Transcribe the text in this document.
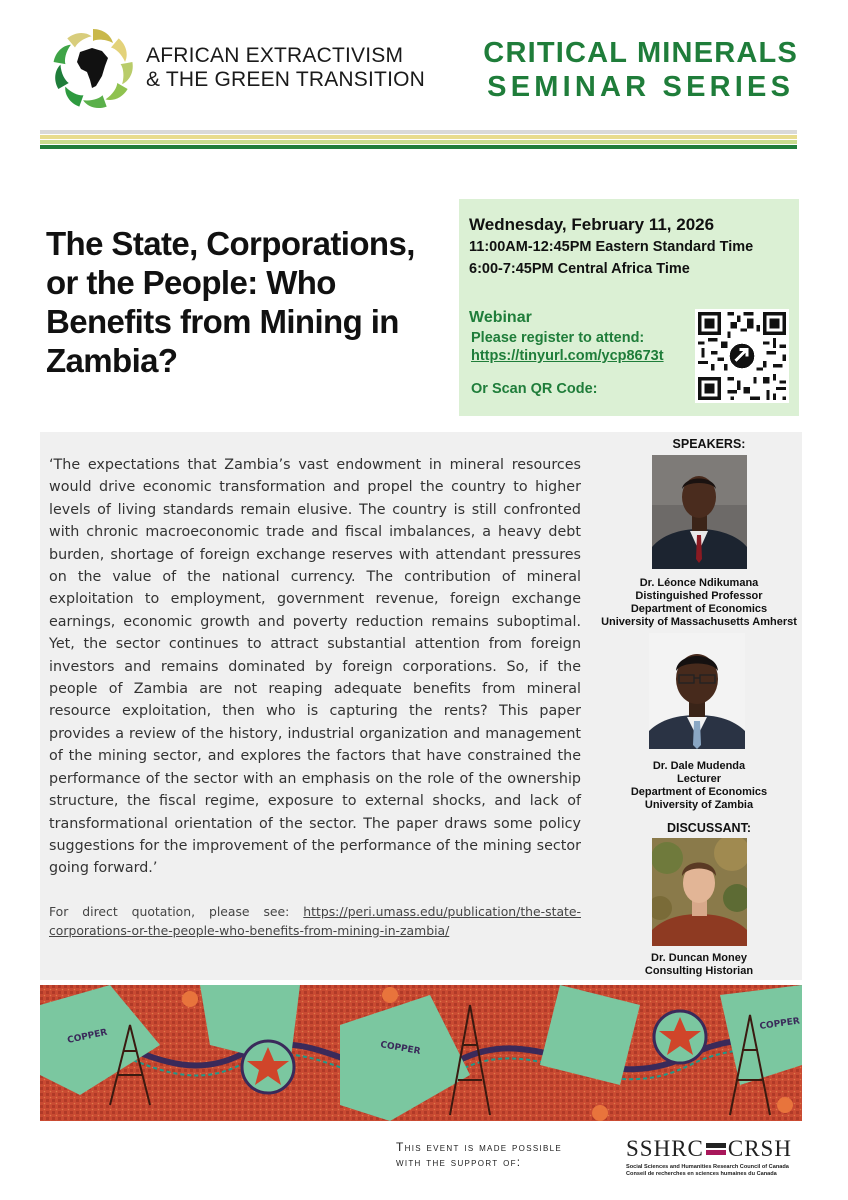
AFRICAN EXTRACTIVISM
& THE GREEN TRANSITION
CRITICAL MINERALS
SEMINAR SERIES
The State, Corporations, or the People: Who Benefits from Mining in Zambia?
Wednesday, February 11, 2026
11:00AM-12:45PM Eastern Standard Time
6:00-7:45PM Central Africa Time
Webinar
Please register to attend:
https://tinyurl.com/ycp8673t
Or Scan QR Code:

‘The expectations that Zambia’s vast endowment in mineral resources would drive economic transformation and propel the country to higher levels of living standards remain elusive. The country is still confronted with chronic macroeconomic trade and fiscal imbalances, a heavy debt burden, shortage of foreign exchange reserves with attendant pressures on the value of the national currency. The contribution of mineral exploitation to employment, government revenue, foreign exchange earnings, economic growth and poverty reduction remains suboptimal. Yet, the sector continues to attract substantial attention from foreign investors and remains dominated by foreign corporations. So, if the people of Zambia are not reaping adequate benefits from mineral resource exploitation, then who is capturing the rents? This paper provides a review of the history, industrial organization and management of the mining sector, and explores the factors that have constrained the performance of the sector with an emphasis on the role of the ownership structure, the fiscal regime, exposure to external shocks, and lack of transformational orientation of the sector. The paper draws some policy suggestions for the improvement of the performance of the mining sector going forward.’

For direct quotation, please see: https://peri.umass.edu/publication/the-state-corporations-or-the-people-who-benefits-from-mining-in-zambia/

SPEAKERS:
Dr. Léonce Ndikumana
Distinguished Professor
Department of Economics
University of Massachusetts Amherst
Dr. Dale Mudenda
Lecturer
Department of Economics
University of Zambia
DISCUSSANT:
Dr. Duncan Money
Consulting Historian
COPPER
COPPER
COPPER
This event is made possible
with the support of:
SSHRC CRSH
Social Sciences and Humanities Research Council of Canada
Conseil de recherches en sciences humaines du Canada
